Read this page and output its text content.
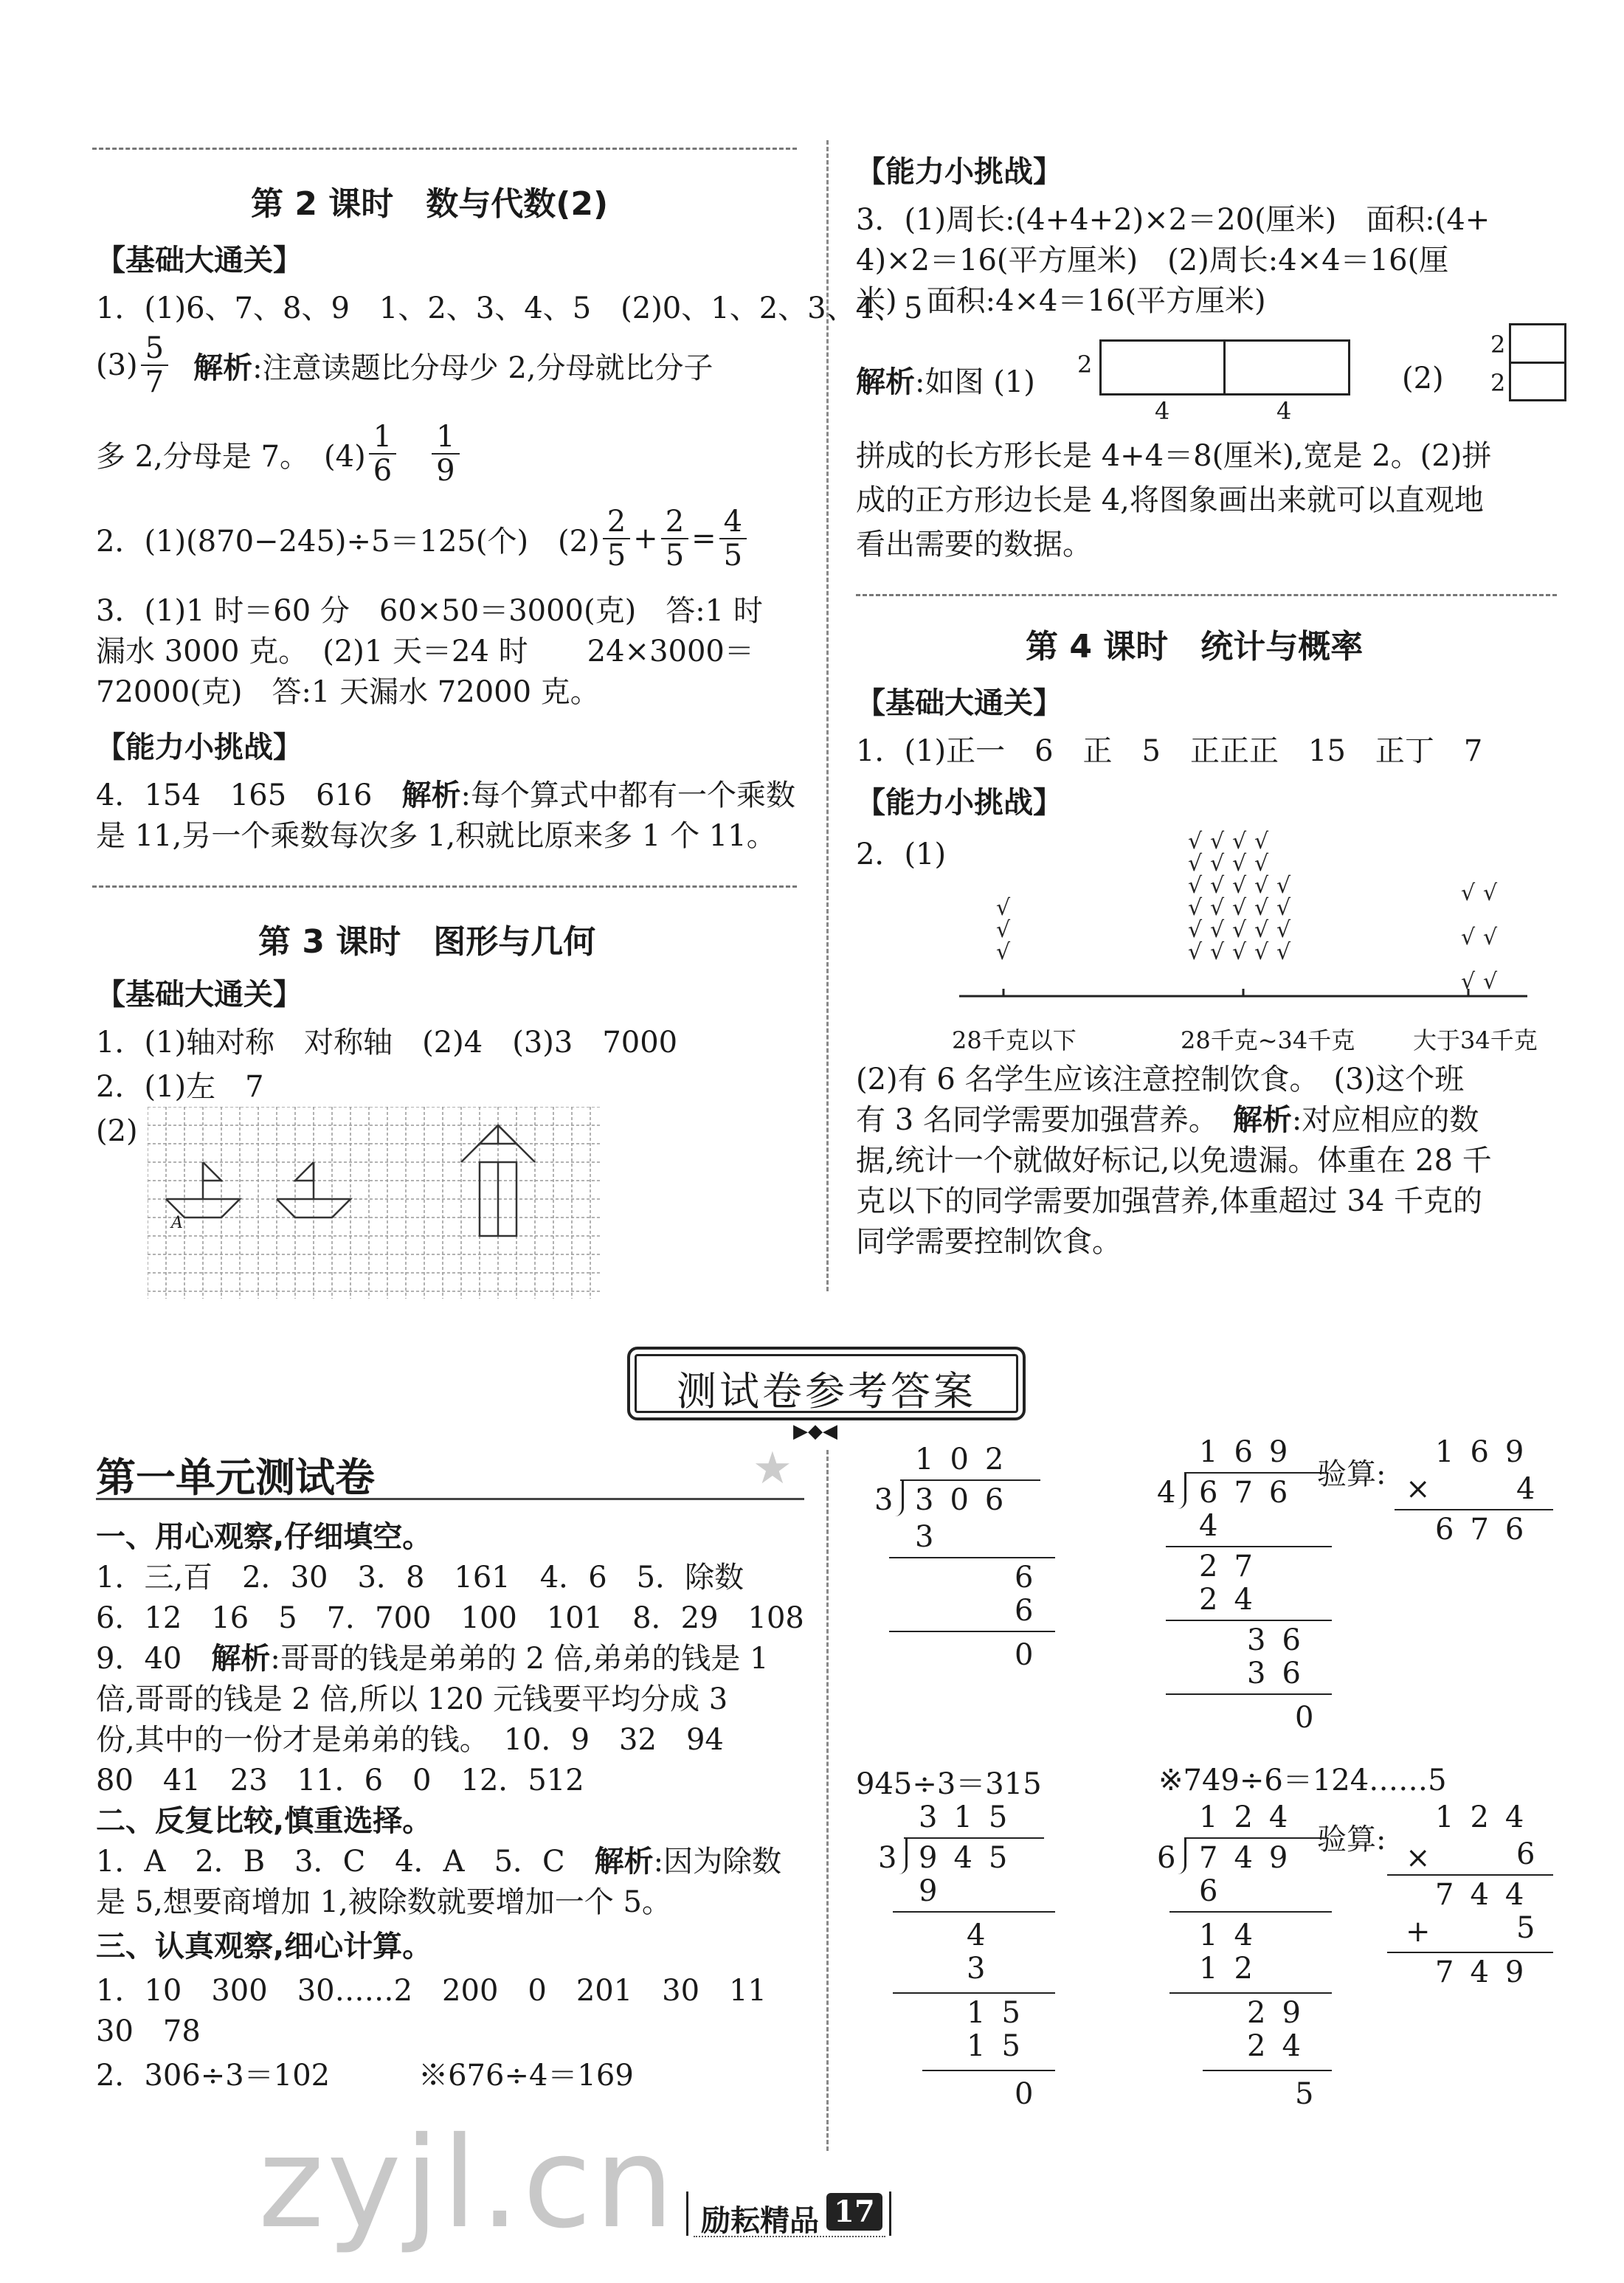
第 2 课时　数与代数(2)
【基础大通关】
1．(1)6、7、8、9　1、2、3、4、5　(2)0、1、2、3、4、5
$(3) \frac{5}{7}$ 解析:注意读题比分母少 2,分母就比分子
多 2,分母是 7。　$(4) \frac{1}{6} \frac{1}{9}$
2．(1)(870−245)÷5＝125(个)　$(2) \frac{2}{5} + \frac{2}{5} = \frac{4}{5}$
3．(1)1 时＝60 分　60×50＝3000(克)　答:1 时
漏水 3000 克。　(2)1 天＝24 时　　24×3000＝
72000(克)　答:1 天漏水 72000 克。
【能力小挑战】
4．154　165　616　解析:每个算式中都有一个乘数
是 11,另一个乘数每次多 1,积就比原来多 1 个 11。
第 3 课时　图形与几何
【基础大通关】
1．(1)轴对称　对称轴　(2)4　(3)3　7000
2．(1)左　7
(2)
A
【能力小挑战】
3．(1)周长:(4+4+2)×2＝20(厘米)　面积:(4+
4)×2＝16(平方厘米)　(2)周长:4×4＝16(厘
米)　面积:4×4＝16(平方厘米)
解析:如图 (1)
2
4	4
(2)
2
2
拼成的长方形长是 4+4＝8(厘米),宽是 2。(2)拼
成的正方形边长是 4,将图象画出来就可以直观地
看出需要的数据。
第 4 课时　统计与概率
【基础大通关】
1．(1)正一　6　正　5　正正正　15　正丁　7
【能力小挑战】
2．(1)
√
√
√
√ √ √ √
√ √ √ √
√ √ √ √ √
√ √ √ √ √
√ √ √ √ √
√ √ √ √ √
√ √
√ √
√ √
28千克以下	28千克~34千克 大于34千克
(2)有 6 名学生应该注意控制饮食。　(3)这个班
有 3 名同学需要加强营养。　解析:对应相应的数
据,统计一个就做好标记,以免遗漏。体重在 28 千
克以下的同学需要加强营养,体重超过 34 千克的
同学需要控制饮食。
测试卷参考答案
▶◆◀
第一单元测试卷	★
一、用心观察,仔细填空。
1．三,百　2．30　3．8　161　4．6　5．除数
6．12　16　5　7．700　100　101　8．29　108
9．40　解析:哥哥的钱是弟弟的 2 倍,弟弟的钱是 1
倍,哥哥的钱是 2 倍,所以 120 元钱要平均分成 3
份,其中的一份才是弟弟的钱。　10．9　32　94
80　41　23　11．6　0　12．512
二、反复比较,慎重选择。
1．A　2．B　3．C　4．A　5．C　解析:因为除数
是 5,想要商增加 1,被除数就要增加一个 5。
三、认真观察,细心计算。
1．10　300　30……2　200　0　201　30　11
30　78
2．306÷3＝102　　　※676÷4＝169
102
3 306
3
6
6
0
169
4 676
4
27
24
36
36
0
验算:
169
×	4
676
945÷3＝315
315
3 945
9
4
3
15
15
0
※749÷6＝124……5
124
6 749
6
14
12
29
24
5
验算:
124
×	6
744
+	5
749
zyjl.cn 励耘精品 17
